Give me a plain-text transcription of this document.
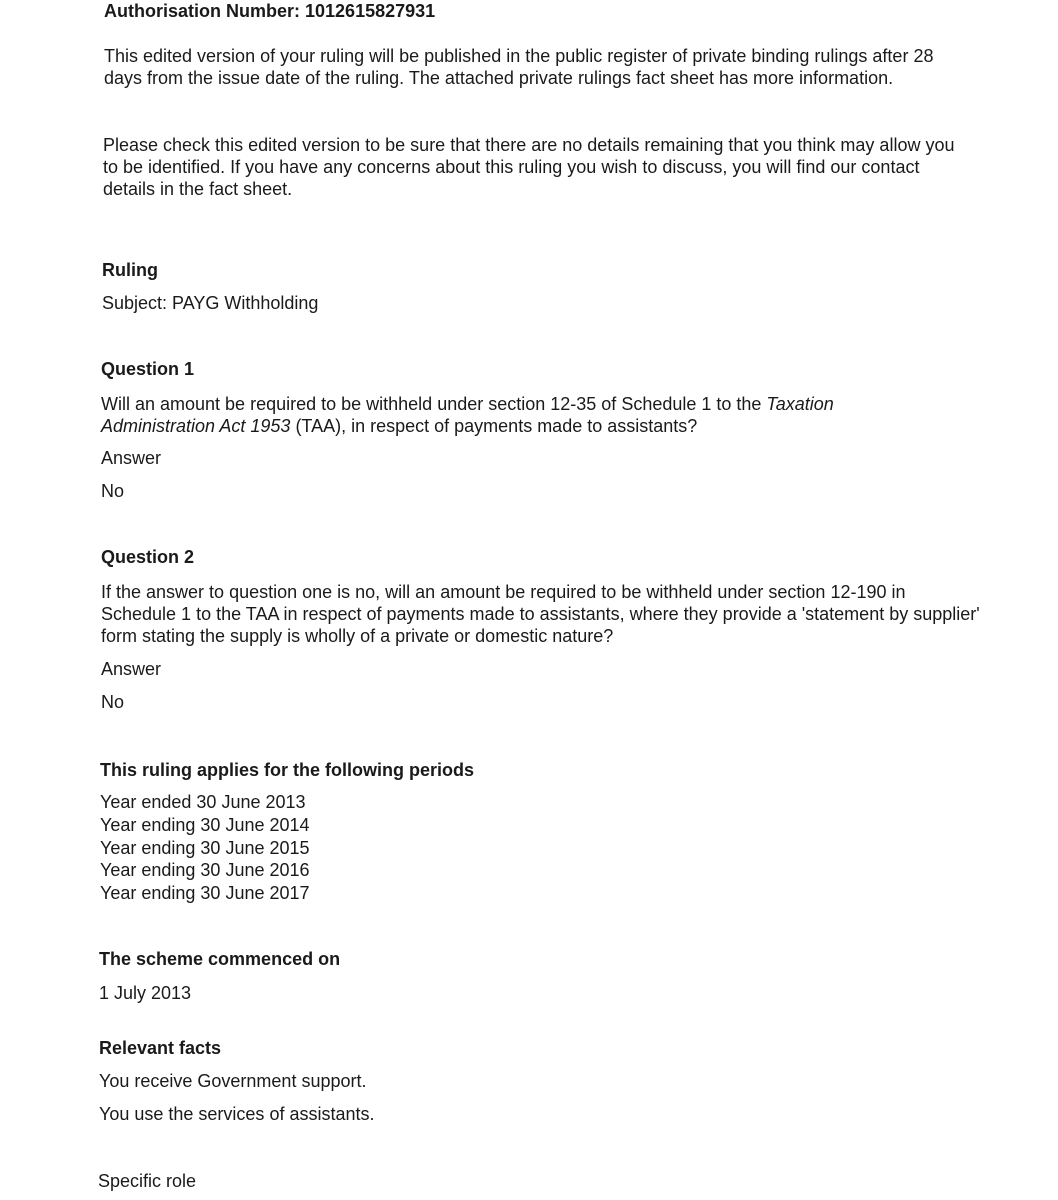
Authorisation Number: 1012615827931

This edited version of your ruling will be published in the public register of private binding rulings after 28 days from the issue date of the ruling. The attached private rulings fact sheet has more information.

Please check this edited version to be sure that there are no details remaining that you think may allow you to be identified. If you have any concerns about this ruling you wish to discuss, you will find our contact details in the fact sheet.

Ruling

Subject: PAYG Withholding

Question 1

Will an amount be required to be withheld under section 12-35 of Schedule 1 to the Taxation Administration Act 1953 (TAA), in respect of payments made to assistants?

Answer

No

Question 2

If the answer to question one is no, will an amount be required to be withheld under section 12-190 in Schedule 1 to the TAA in respect of payments made to assistants, where they provide a 'statement by supplier' form stating the supply is wholly of a private or domestic nature?

Answer

No

This ruling applies for the following periods

Year ended 30 June 2013
Year ending 30 June 2014
Year ending 30 June 2015
Year ending 30 June 2016
Year ending 30 June 2017

The scheme commenced on

1 July 2013

Relevant facts

You receive Government support.

You use the services of assistants.

Specific role
